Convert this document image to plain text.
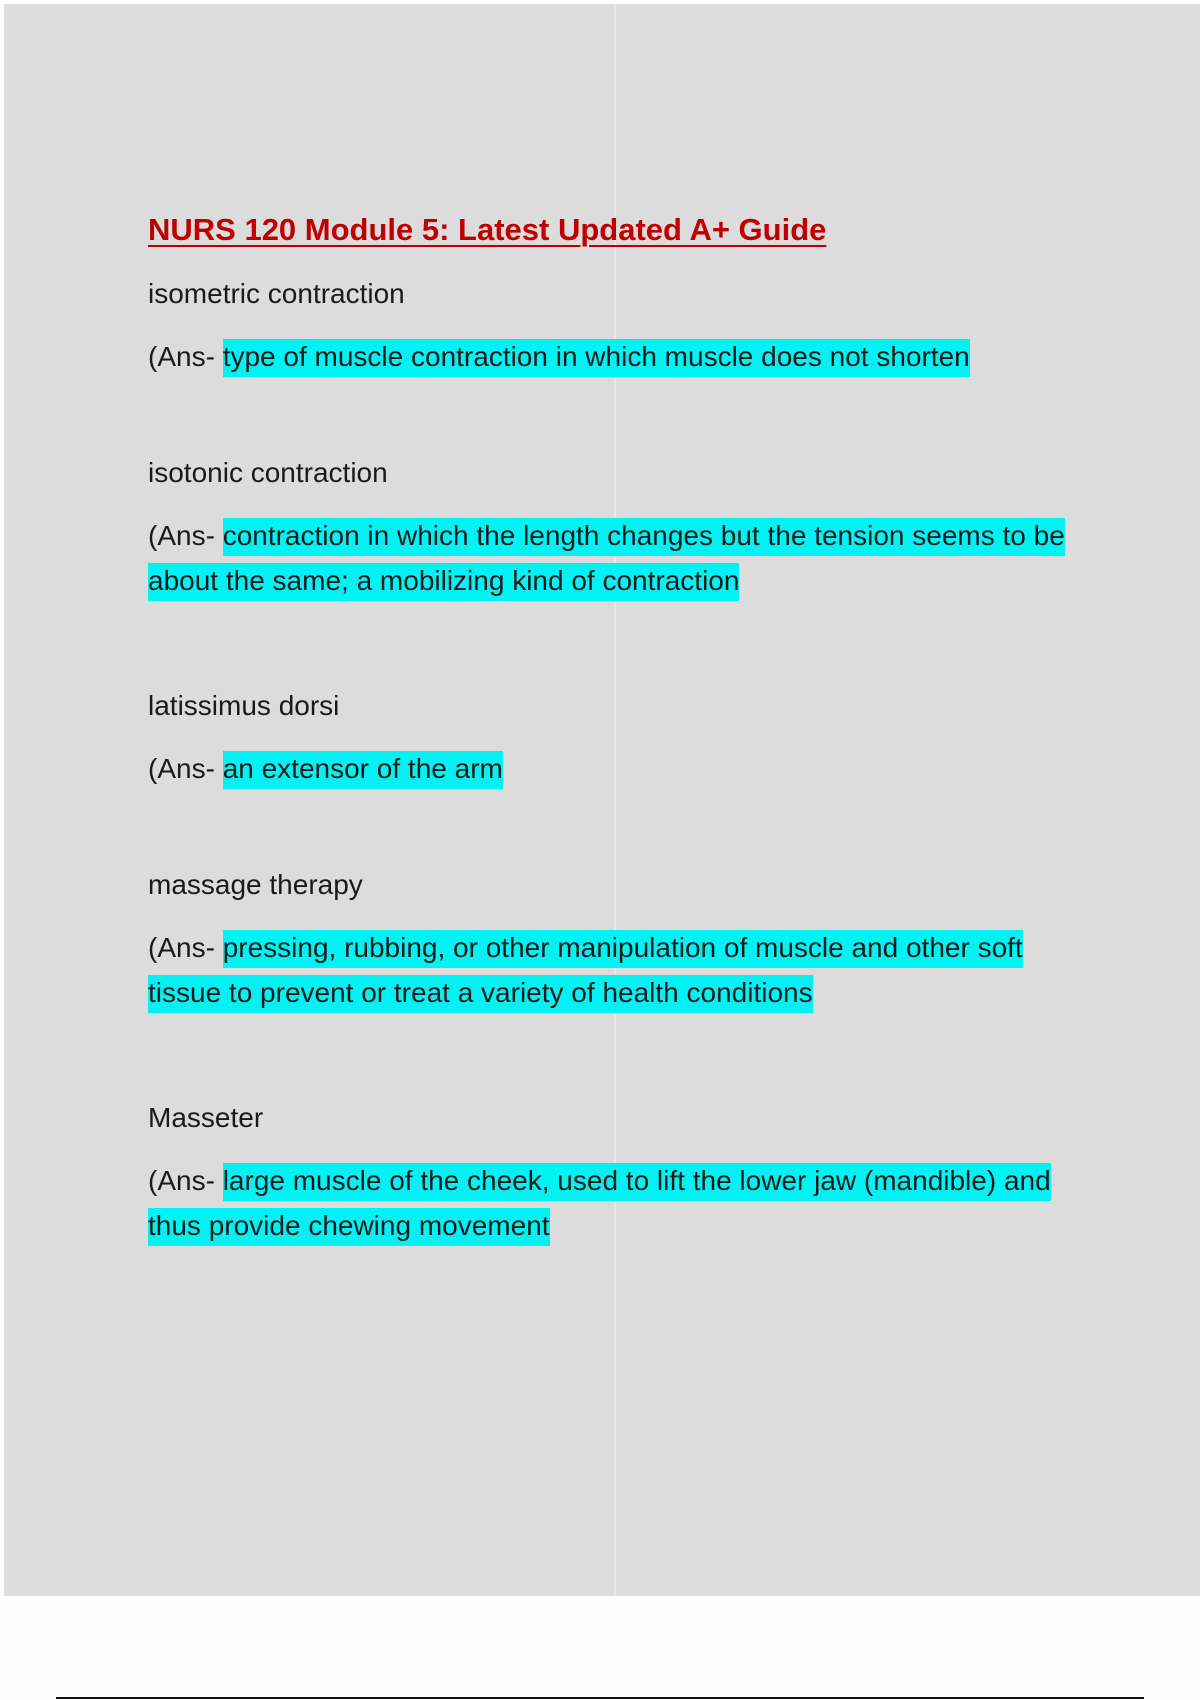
NURS 120 Module 5: Latest Updated A+ Guide

isometric contraction

(Ans- type of muscle contraction in which muscle does not shorten

isotonic contraction

(Ans- contraction in which the length changes but the tension seems to be about the same; a mobilizing kind of contraction

latissimus dorsi

(Ans- an extensor of the arm

massage therapy

(Ans- pressing, rubbing, or other manipulation of muscle and other soft tissue to prevent or treat a variety of health conditions

Masseter

(Ans- large muscle of the cheek, used to lift the lower jaw (mandible) and thus provide chewing movement
